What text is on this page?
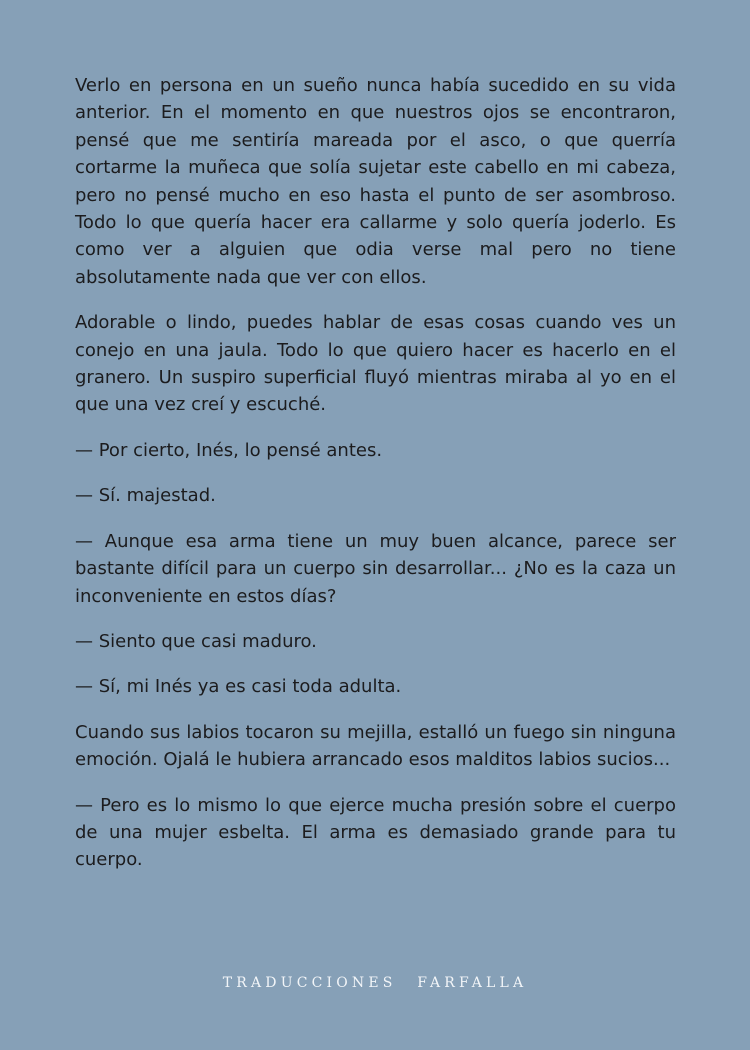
Verlo en persona en un sueño nunca había sucedido en su vida anterior. En el momento en que nuestros ojos se encontraron, pensé que me sentiría mareada por el asco, o que querría cortarme la muñeca que solía sujetar este cabello en mi cabeza, pero no pensé mucho en eso hasta el punto de ser asombroso. Todo lo que quería hacer era callarme y solo quería joderlo. Es como ver a alguien que odia verse mal pero no tiene absolutamente nada que ver con ellos.

Adorable o lindo, puedes hablar de esas cosas cuando ves un conejo en una jaula. Todo lo que quiero hacer es hacerlo en el granero. Un suspiro superficial fluyó mientras miraba al yo en el que una vez creí y escuché.

— Por cierto, Inés, lo pensé antes.

— Sí. majestad.

— Aunque esa arma tiene un muy buen alcance, parece ser bastante difícil para un cuerpo sin desarrollar... ¿No es la caza un inconveniente en estos días?

— Siento que casi maduro.

— Sí, mi Inés ya es casi toda adulta.

Cuando sus labios tocaron su mejilla, estalló un fuego sin ninguna emoción. Ojalá le hubiera arrancado esos malditos labios sucios...

— Pero es lo mismo lo que ejerce mucha presión sobre el cuerpo de una mujer esbelta. El arma es demasiado grande para tu cuerpo.

TRADUCCIONES FARFALLA
